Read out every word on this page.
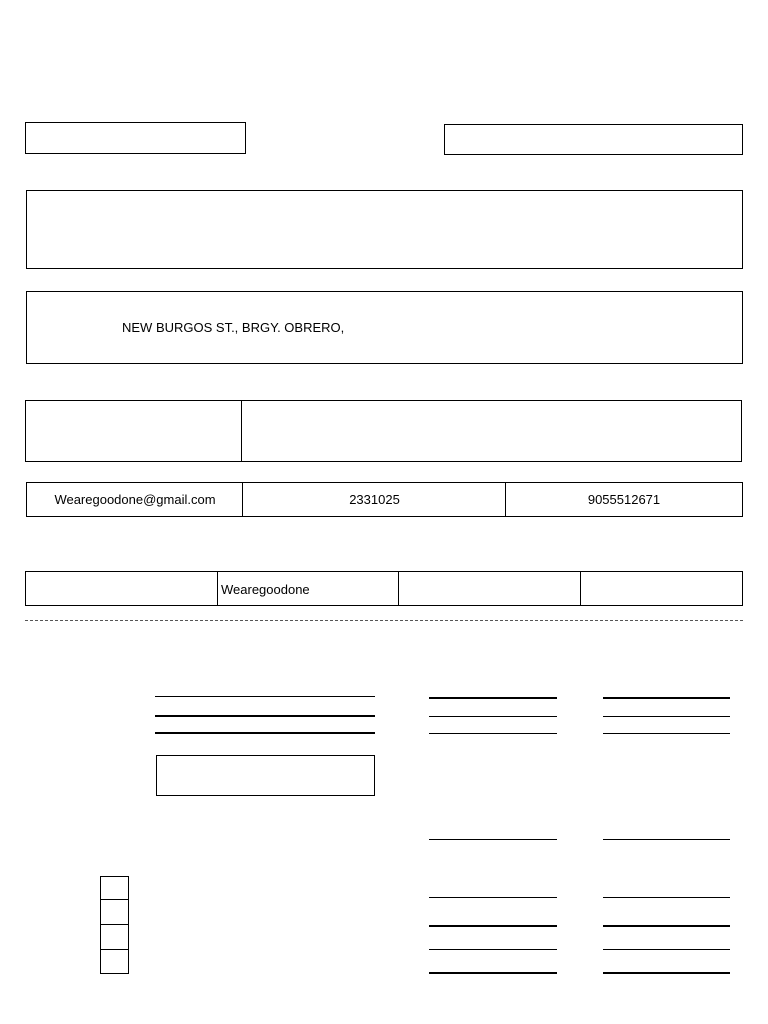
NEW BURGOS ST., BRGY. OBRERO,
Wearegoodone@gmail.com	2331025	9055512671
Wearegoodone
